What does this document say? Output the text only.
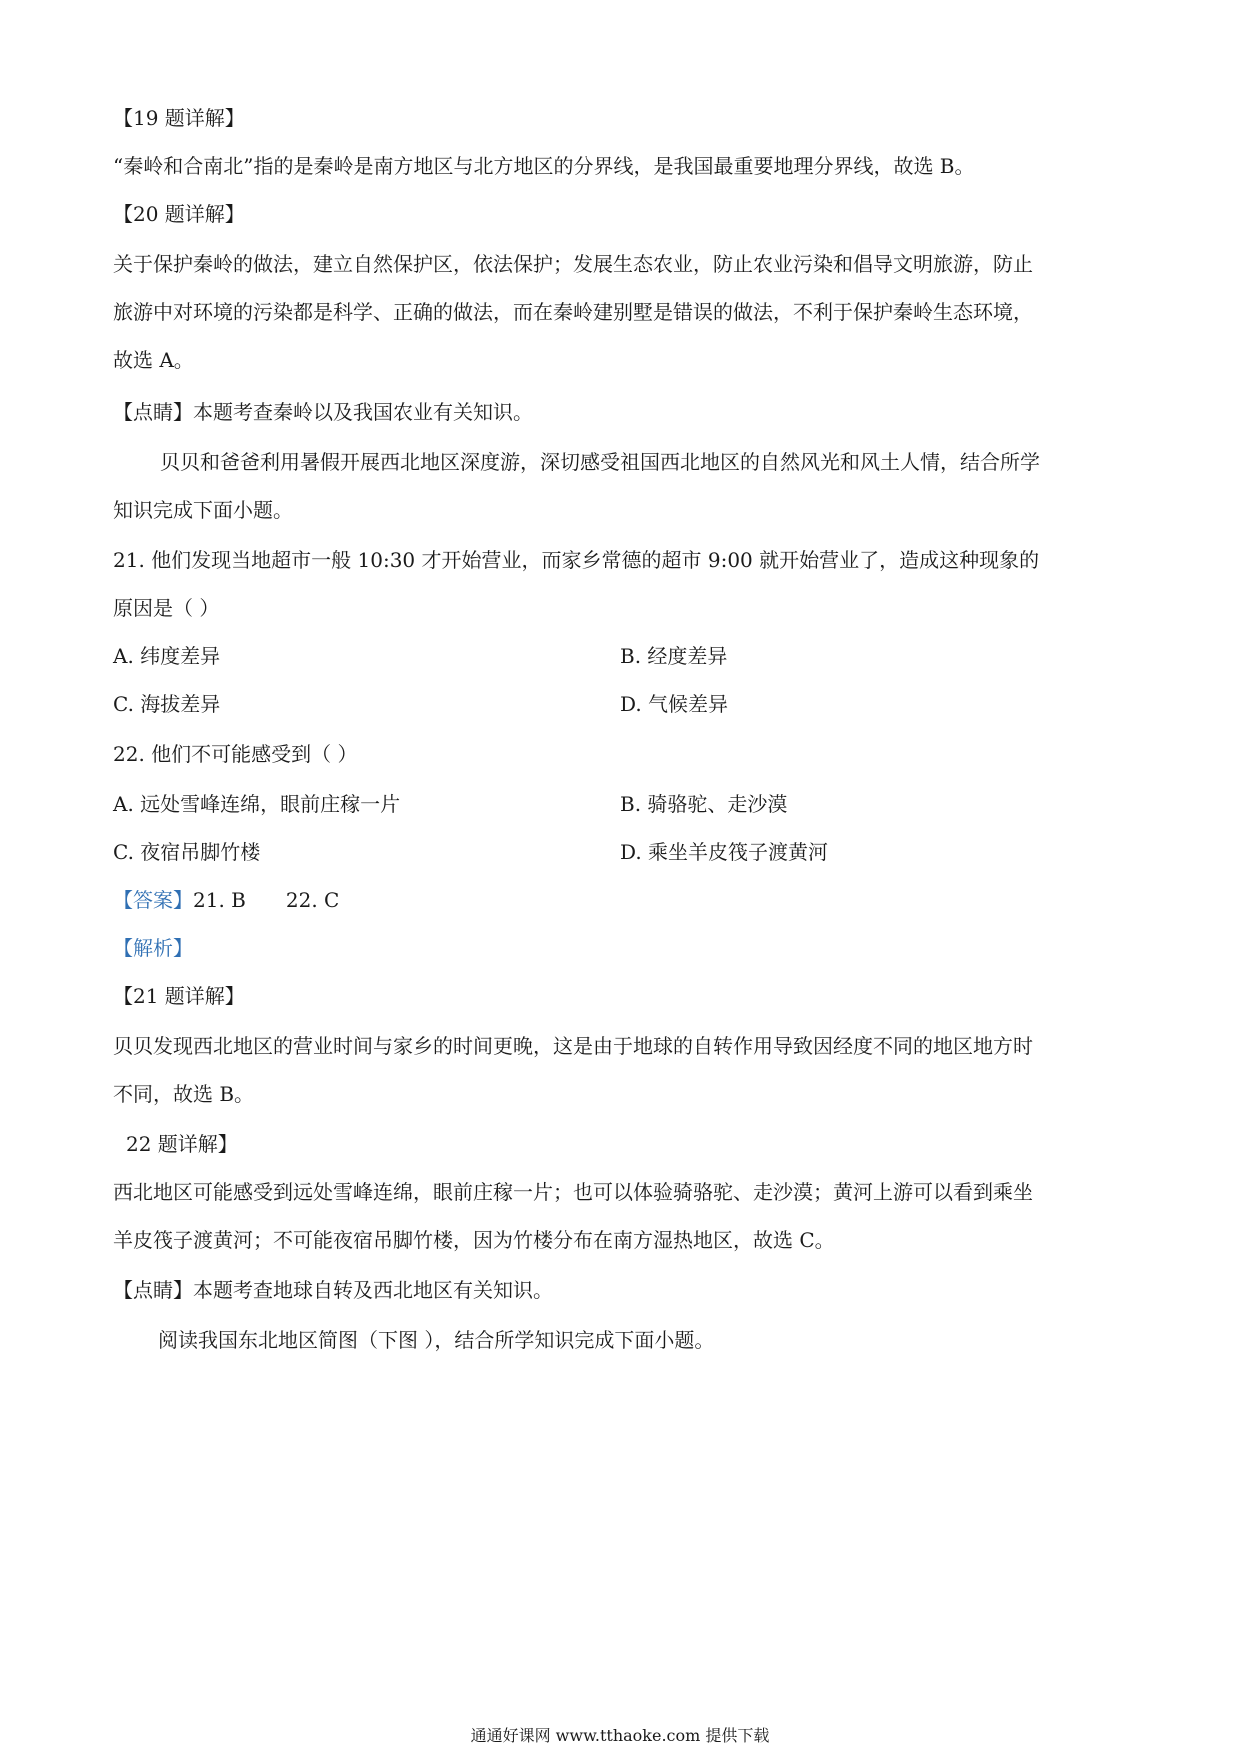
【19 题详解】
“秦岭和合南北”指的是秦岭是南方地区与北方地区的分界线，是我国最重要地理分界线，故选 B。
【20 题详解】
关于保护秦岭的做法，建立自然保护区，依法保护；发展生态农业，防止农业污染和倡导文明旅游，防止
旅游中对环境的污染都是科学、正确的做法，而在秦岭建别墅是错误的做法，不利于保护秦岭生态环境，
故选 A。
【点睛】本题考查秦岭以及我国农业有关知识。
贝贝和爸爸利用暑假开展西北地区深度游，深切感受祖国西北地区的自然风光和风土人情，结合所学
知识完成下面小题。
21. 他们发现当地超市一般 10:30 才开始营业，而家乡常德的超市 9:00 就开始营业了，造成这种现象的
原因是（ ）
A. 纬度差异	B. 经度差异
C. 海拔差异	D. 气候差异
22. 他们不可能感受到（ ）
A. 远处雪峰连绵，眼前庄稼一片	B. 骑骆驼、走沙漠
C. 夜宿吊脚竹楼	D. 乘坐羊皮筏子渡黄河
【答案】21. B 22. C
【解析】
【21 题详解】
贝贝发现西北地区的营业时间与家乡的时间更晚，这是由于地球的自转作用导致因经度不同的地区地方时
不同，故选 B。
22 题详解】
西北地区可能感受到远处雪峰连绵，眼前庄稼一片；也可以体验骑骆驼、走沙漠；黄河上游可以看到乘坐
羊皮筏子渡黄河；不可能夜宿吊脚竹楼，因为竹楼分布在南方湿热地区，故选 C。
【点睛】本题考查地球自转及西北地区有关知识。
阅读我国东北地区简图（下图 ），结合所学知识完成下面小题。
通通好课网 www.tthaoke.com 提供下载
